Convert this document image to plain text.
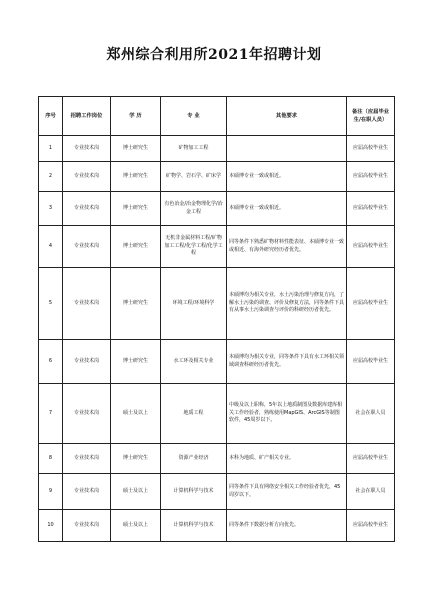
郑州综合利用所2021年招聘计划
序号	招聘工作岗位	学 历	专 业	其他要求	备注（应届毕业生/在职人员）
1	专业技术岗	博士研究生	矿物加工工程		应届高校毕业生
2	专业技术岗	博士研究生	矿物学、岩石学、矿床学	本硕博专业一致或相近。	应届高校毕业生
3	专业技术岗	博士研究生	有色冶金/冶金物理化学/冶金工程	本硕博专业一致或相近。	应届高校毕业生
4	专业技术岗	博士研究生	无机非金属材料工程/矿物加工工程/化学工程/化学工程	同等条件下熟悉矿物材料性能表征、本硕博专业一致或相近、有海外研究经历者优先。	应届高校毕业生
5	专业技术岗	博士研究生	环境工程/环境科学	本硕博均为相关专业，水土污染治理与修复方向，了解水土污染的调查、评价及修复方法，同等条件下具有从事水土污染调查与评价的科研经历者优先。	应届高校毕业生
6	专业技术岗	博士研究生	水工环及相关专业	本硕博均为相关专业，同等条件下具有水工环相关领域调查科研经历者优先。	应届高校毕业生
7	专业技术岗	硕士及以上	地质工程	中级及以上职称，5年以上地质制图及数据库建库相关工作经验者，熟练使用MapGIS、ArcGIS等制图软件，45周岁以下。	社会在职人员
8	专业技术岗	博士研究生	资源产业经济	本科为地质、矿产相关专业。	应届高校毕业生
9	专业技术岗	硕士及以上	计算机科学与技术	同等条件下具有网络安全相关工作经验者优先，45周岁以下。	社会在职人员
10	专业技术岗	硕士及以上	计算机科学与技术	同等条件下数据分析方向优先。	应届高校毕业生
